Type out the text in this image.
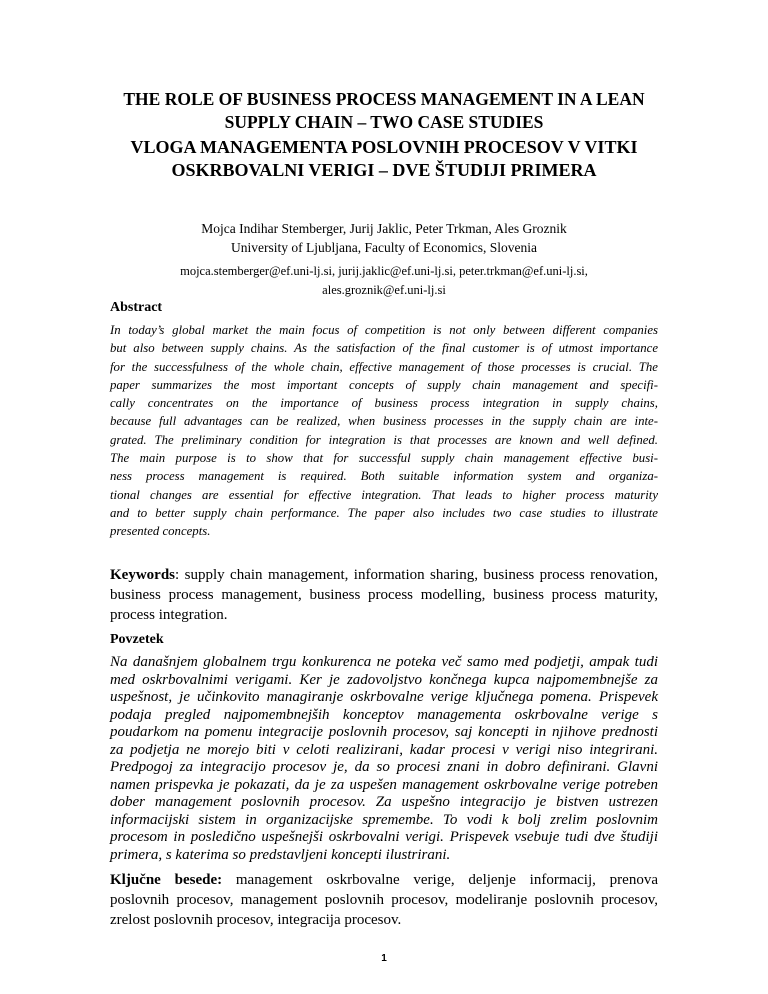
THE ROLE OF BUSINESS PROCESS MANAGEMENT IN A LEAN
SUPPLY CHAIN – TWO CASE STUDIES
VLOGA MANAGEMENTA POSLOVNIH PROCESOV V VITKI
OSKRBOVALNI VERIGI – DVE ŠTUDIJI PRIMERA
Mojca Indihar Stemberger, Jurij Jaklic, Peter Trkman, Ales Groznik
University of Ljubljana, Faculty of Economics, Slovenia
mojca.stemberger@ef.uni-lj.si, jurij.jaklic@ef.uni-lj.si, peter.trkman@ef.uni-lj.si,
ales.groznik@ef.uni-lj.si
Abstract
In today’s global market the main focus of competition is not only between different companies
but also between supply chains. As the satisfaction of the final customer is of utmost importance
for the successfulness of the whole chain, effective management of those processes is crucial. The
paper summarizes the most important concepts of supply chain management and specifi-
cally concentrates on the importance of business process integration in supply chains,
because full advantages can be realized, when business processes in the supply chain are inte-
grated. The preliminary condition for integration is that processes are known and well defined.
The main purpose is to show that for successful supply chain management effective busi-
ness process management is required. Both suitable information system and organiza-
tional changes are essential for effective integration. That leads to higher process maturity
and to better supply chain performance. The paper also includes two case studies to illustrate
presented concepts.
Keywords: supply chain management, information sharing, business process renovation,
business process management, business process modelling, business process maturity,
process integration.
Povzetek
Na današnjem globalnem trgu konkurenca ne poteka več samo med podjetji, ampak tudi
med oskrbovalnimi verigami. Ker je zadovoljstvo končnega kupca najpomembnejše za
uspešnost, je učinkovito managiranje oskrbovalne verige ključnega pomena. Prispevek
podaja pregled najpomembnejših konceptov managementa oskrbovalne verige s
poudarkom na pomenu integracije poslovnih procesov, saj koncepti in njihove prednosti
za podjetja ne morejo biti v celoti realizirani, kadar procesi v verigi niso integrirani.
Predpogoj za integracijo procesov je, da so procesi znani in dobro definirani. Glavni
namen prispevka je pokazati, da je za uspešen management oskrbovalne verige potreben
dober management poslovnih procesov. Za uspešno integracijo je bistven ustrezen
informacijski sistem in organizacijske spremembe. To vodi k bolj zrelim poslovnim
procesom in posledično uspešnejši oskrbovalni verigi. Prispevek vsebuje tudi dve študiji
primera, s katerima so predstavljeni koncepti ilustrirani.
Ključne besede: management oskrbovalne verige, deljenje informacij, prenova
poslovnih procesov, management poslovnih procesov, modeliranje poslovnih procesov,
zrelost poslovnih procesov, integracija procesov.
1
